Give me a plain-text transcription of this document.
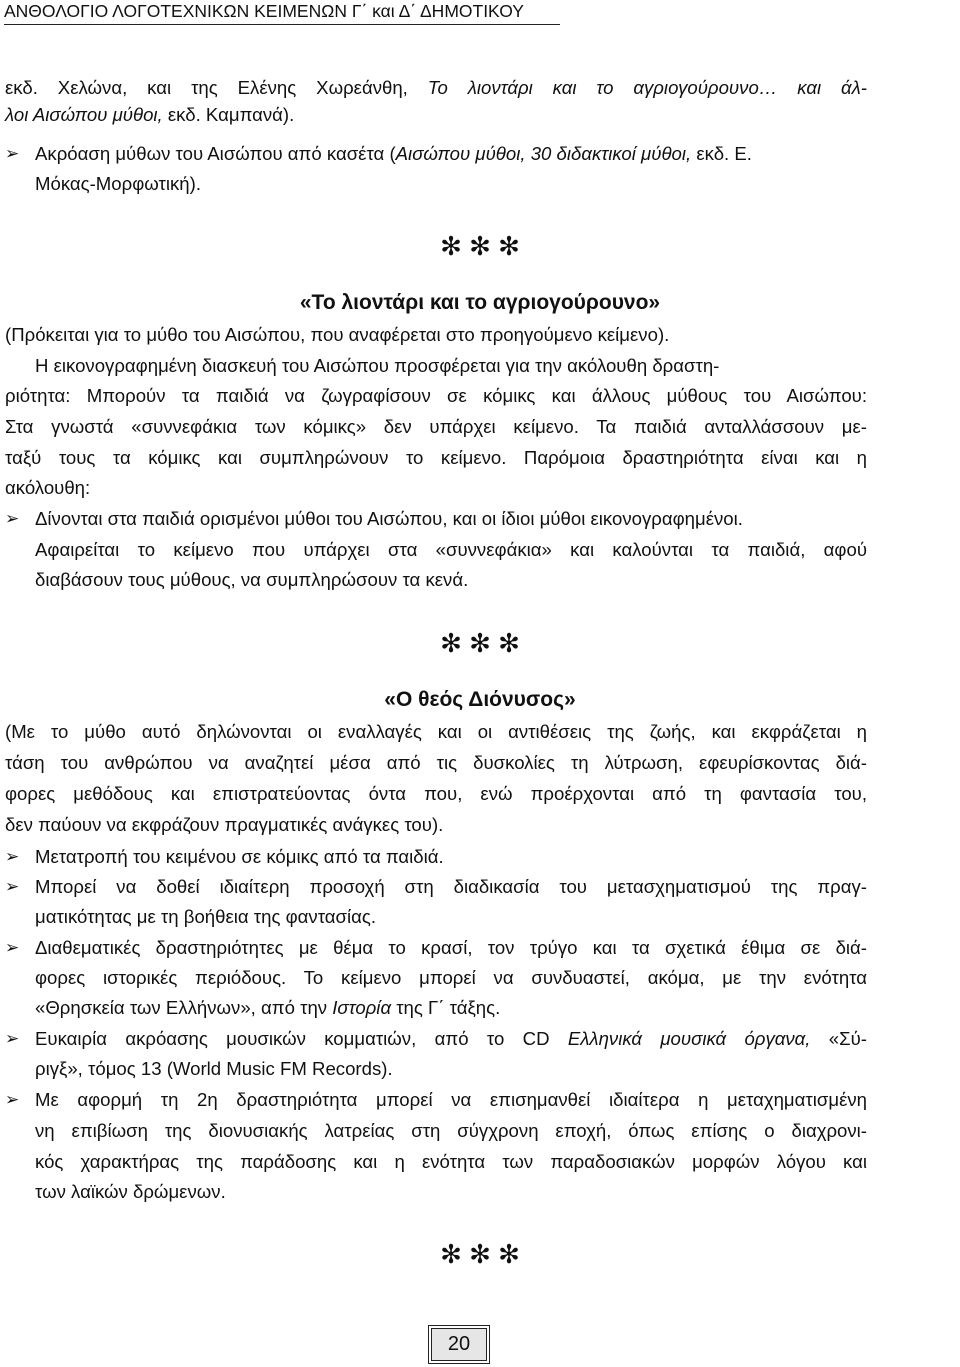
ΑΝΘΟΛΟΓΙΟ ΛΟΓΟΤΕΧΝΙΚΩΝ ΚΕΙΜΕΝΩΝ Γ΄ και Δ΄ ΔΗΜΟΤΙΚΟΥ
εκδ. Χελώνα, και της Ελένης Χωρεάνθη, Το λιοντάρι και το αγριογούρουνο… και άλ-
λοι Αισώπου μύθοι, εκδ. Καμπανά).
➢ Ακρόαση μύθων του Αισώπου από κασέτα (Αισώπου μύθοι, 30 διδακτικοί μύθοι, εκδ. Ε.
Μόκας-Μορφωτική).
✻ ✻ ✻
«Το λιοντάρι και το αγριογούρουνο»
(Πρόκειται για το μύθο του Αισώπου, που αναφέρεται στο προηγούμενο κείμενο).
Η εικονογραφημένη διασκευή του Αισώπου προσφέρεται για την ακόλουθη δραστη-
ριότητα: Μπορούν τα παιδιά να ζωγραφίσουν σε κόμικς και άλλους μύθους του Αισώπου:
Στα γνωστά «συννεφάκια των κόμικς» δεν υπάρχει κείμενο. Τα παιδιά ανταλλάσσουν με-
ταξύ τους τα κόμικς και συμπληρώνουν το κείμενο. Παρόμοια δραστηριότητα είναι και η
ακόλουθη:
➢ Δίνονται στα παιδιά ορισμένοι μύθοι του Αισώπου, και οι ίδιοι μύθοι εικονογραφημένοι.
Αφαιρείται το κείμενο που υπάρχει στα «συννεφάκια» και καλούνται τα παιδιά, αφού
διαβάσουν τους μύθους, να συμπληρώσουν τα κενά.
✻ ✻ ✻
«Ο θεός Διόνυσος»
(Με το μύθο αυτό δηλώνονται οι εναλλαγές και οι αντιθέσεις της ζωής, και εκφράζεται η
τάση του ανθρώπου να αναζητεί μέσα από τις δυσκολίες τη λύτρωση, εφευρίσκοντας διά-
φορες μεθόδους και επιστρατεύοντας όντα που, ενώ προέρχονται από τη φαντασία του,
δεν παύουν να εκφράζουν πραγματικές ανάγκες του).
➢ Μετατροπή του κειμένου σε κόμικς από τα παιδιά.
➢ Μπορεί να δοθεί ιδιαίτερη προσοχή στη διαδικασία του μετασχηματισμού της πραγ-
ματικότητας με τη βοήθεια της φαντασίας.
➢ Διαθεματικές δραστηριότητες με θέμα το κρασί, τον τρύγο και τα σχετικά έθιμα σε διά-
φορες ιστορικές περιόδους. Το κείμενο μπορεί να συνδυαστεί, ακόμα, με την ενότητα
«Θρησκεία των Ελλήνων», από την Ιστορία της Γ΄ τάξης.
➢ Ευκαιρία ακρόασης μουσικών κομματιών, από το CD Ελληνικά μουσικά όργανα, «Σύ-
ριγξ», τόμος 13 (World Music FM Records).
➢ Με αφορμή τη 2η δραστηριότητα μπορεί να επισημανθεί ιδιαίτερα η μεταχηματισμένη
νη επιβίωση της διονυσιακής λατρείας στη σύγχρονη εποχή, όπως επίσης ο διαχρονι-
κός χαρακτήρας της παράδοσης και η ενότητα των παραδοσιακών μορφών λόγου και
των λαϊκών δρώμενων.
✻ ✻ ✻
20
